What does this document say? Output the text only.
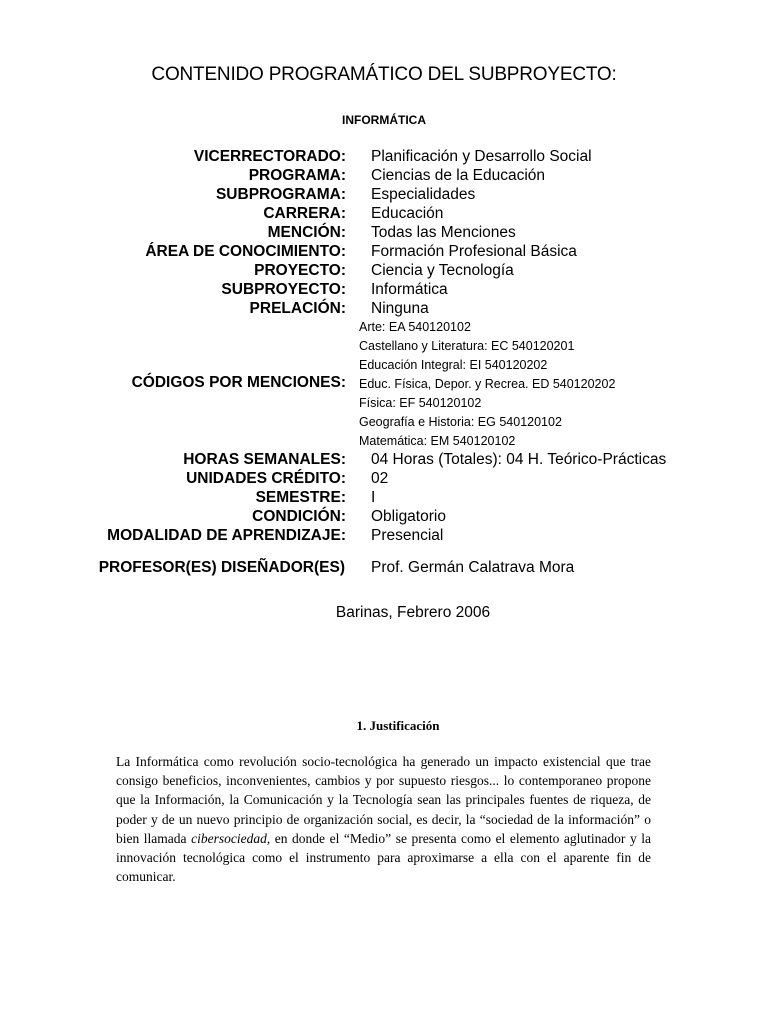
CONTENIDO PROGRAMÁTICO DEL SUBPROYECTO:
INFORMÁTICA
VICERRECTORADO: Planificación y Desarrollo Social
PROGRAMA: Ciencias de la Educación
SUBPROGRAMA: Especialidades
CARRERA: Educación
MENCIÓN: Todas las Menciones
ÁREA DE CONOCIMIENTO: Formación Profesional Básica
PROYECTO: Ciencia y Tecnología
SUBPROYECTO: Informática
PRELACIÓN: Ninguna
CÓDIGOS POR MENCIONES:
Arte: EA 540120102
Castellano y Literatura: EC 540120201
Educación Integral: EI 540120202
Educ. Física, Depor. y Recrea. ED 540120202
Física: EF 540120102
Geografía e Historia: EG 540120102
Matemática: EM 540120102
HORAS SEMANALES: 04 Horas (Totales): 04 H. Teórico-Prácticas
UNIDADES CRÉDITO: 02
SEMESTRE: I
CONDICIÓN: Obligatorio
MODALIDAD DE APRENDIZAJE: Presencial
PROFESOR(ES) DISEÑADOR(ES) Prof. Germán Calatrava Mora
Barinas, Febrero 2006
1. Justificación
La Informática como revolución socio-tecnológica ha generado un impacto existencial que trae consigo beneficios, inconvenientes, cambios y por supuesto riesgos... lo contemporaneo propone que la Información, la Comunicación y la Tecnología sean las principales fuentes de riqueza, de poder y de un nuevo principio de organización social, es decir, la “sociedad de la información” o bien llamada cibersociedad, en donde el “Medio” se presenta como el elemento aglutinador y la innovación tecnológica como el instrumento para aproximarse a ella con el aparente fin de comunicar.
